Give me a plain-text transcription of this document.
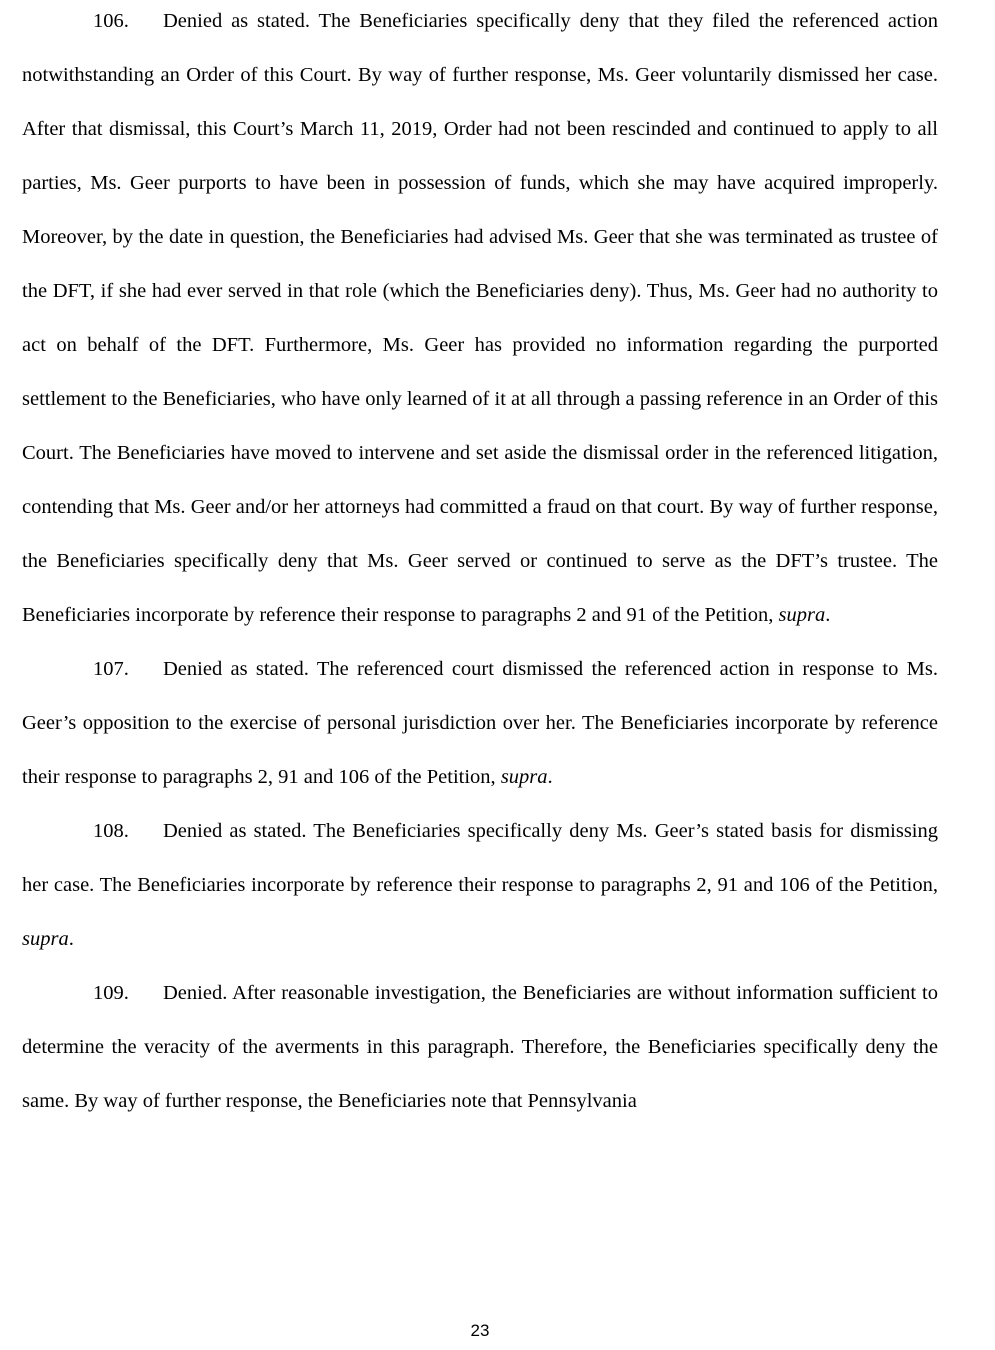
106. Denied as stated. The Beneficiaries specifically deny that they filed the referenced action notwithstanding an Order of this Court. By way of further response, Ms. Geer voluntarily dismissed her case. After that dismissal, this Court’s March 11, 2019, Order had not been rescinded and continued to apply to all parties, Ms. Geer purports to have been in possession of funds, which she may have acquired improperly. Moreover, by the date in question, the Beneficiaries had advised Ms. Geer that she was terminated as trustee of the DFT, if she had ever served in that role (which the Beneficiaries deny). Thus, Ms. Geer had no authority to act on behalf of the DFT. Furthermore, Ms. Geer has provided no information regarding the purported settlement to the Beneficiaries, who have only learned of it at all through a passing reference in an Order of this Court. The Beneficiaries have moved to intervene and set aside the dismissal order in the referenced litigation, contending that Ms. Geer and/or her attorneys had committed a fraud on that court. By way of further response, the Beneficiaries specifically deny that Ms. Geer served or continued to serve as the DFT’s trustee. The Beneficiaries incorporate by reference their response to paragraphs 2 and 91 of the Petition, supra.

107. Denied as stated. The referenced court dismissed the referenced action in response to Ms. Geer’s opposition to the exercise of personal jurisdiction over her. The Beneficiaries incorporate by reference their response to paragraphs 2, 91 and 106 of the Petition, supra.

108. Denied as stated. The Beneficiaries specifically deny Ms. Geer’s stated basis for dismissing her case. The Beneficiaries incorporate by reference their response to paragraphs 2, 91 and 106 of the Petition, supra.

109. Denied. After reasonable investigation, the Beneficiaries are without information sufficient to determine the veracity of the averments in this paragraph. Therefore, the Beneficiaries specifically deny the same. By way of further response, the Beneficiaries note that Pennsylvania

23
